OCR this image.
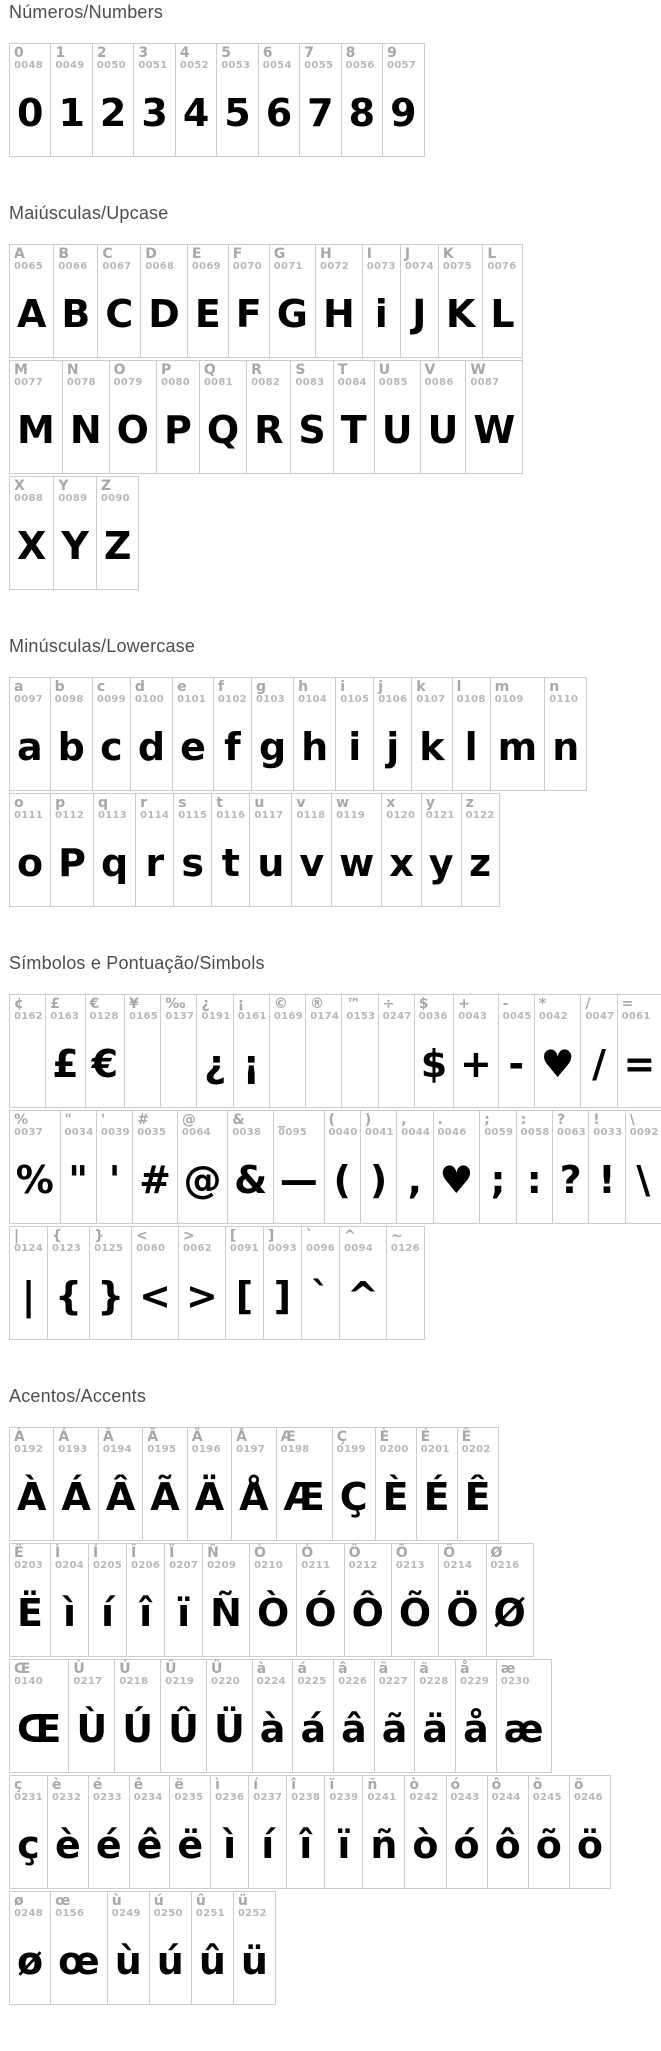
Números/Numbers
0
0048
0
1
0049
1
2
0050
2
3
0051
3
4
0052
4
5
0053
5
6
0054
6
7
0055
7
8
0056
8
9
0057
9
Maiúsculas/Upcase
A
0065
A
B
0066
B
C
0067
C
D
0068
D
E
0069
E
F
0070
F
G
0071
G
H
0072
H
I
0073
i
J
0074
J
K
0075
K
L
0076
L
M
0077
M
N
0078
N
O
0079
O
P
0080
P
Q
0081
Q
R
0082
R
S
0083
S
T
0084
T
U
0085
U
V
0086
U
W
0087
W
X
0088
X
Y
0089
Y
Z
0090
Z
Minúsculas/Lowercase
a
0097
a
b
0098
b
c
0099
c
d
0100
d
e
0101
e
f
0102
f
g
0103
g
h
0104
h
i
0105
i
j
0106
j
k
0107
k
l
0108
l
m
0109
m
n
0110
n
o
0111
o
p
0112
P
q
0113
q
r
0114
r
s
0115
s
t
0116
t
u
0117
u
v
0118
v
w
0119
w
x
0120
x
y
0121
y
z
0122
z
Símbolos e Pontuação/Simbols
¢
0162
£
0163
£
€
0128
€
¥
0165
‰
0137
¿
0191
¿
¡
0161
¡
©
0169
®
0174
™
0153
÷
0247
$
0036
$
+
0043
+
-
0045
-
*
0042
♥
/
0047
/
=
0061
=
%
0037
%
"
0034
"
'
0039
'
#
0035
#
@
0064
@
&
0038
&
_
0095
—
(
0040
(
)
0041
)
,
0044
,
.
0046
♥
;
0059
;
:
0058
:
?
0063
?
!
0033
!
\
0092
\
|
0124
|
{
0123
{
}
0125
}
<
0060
<
>
0062
>
[
0091
[
]
0093
]
`
0096
`
^
0094
^
~
0126
Acentos/Accents
À
0192
À
Á
0193
Á
Â
0194
Â
Ã
0195
Ã
Ä
0196
Ä
Å
0197
Å
Æ
0198
Æ
Ç
0199
Ç
È
0200
È
É
0201
É
Ê
0202
Ê
Ë
0203
Ë
Ì
0204
ì
Í
0205
í
Î
0206
î
Ï
0207
ï
Ñ
0209
Ñ
Ò
0210
Ò
Ó
0211
Ó
Ô
0212
Ô
Õ
0213
Õ
Ö
0214
Ö
Ø
0216
Ø
Œ
0140
Œ
Ù
0217
Ù
Ú
0218
Ú
Û
0219
Û
Ü
0220
Ü
à
0224
à
á
0225
á
â
0226
â
ã
0227
ã
ä
0228
ä
å
0229
å
æ
0230
æ
ç
0231
ç
è
0232
è
é
0233
é
ê
0234
ê
ë
0235
ë
ì
0236
ì
í
0237
í
î
0238
î
ï
0239
ï
ñ
0241
ñ
ò
0242
ò
ó
0243
ó
ô
0244
ô
õ
0245
õ
ö
0246
ö
ø
0248
ø
œ
0156
œ
ù
0249
ù
ú
0250
ú
û
0251
û
ü
0252
ü
